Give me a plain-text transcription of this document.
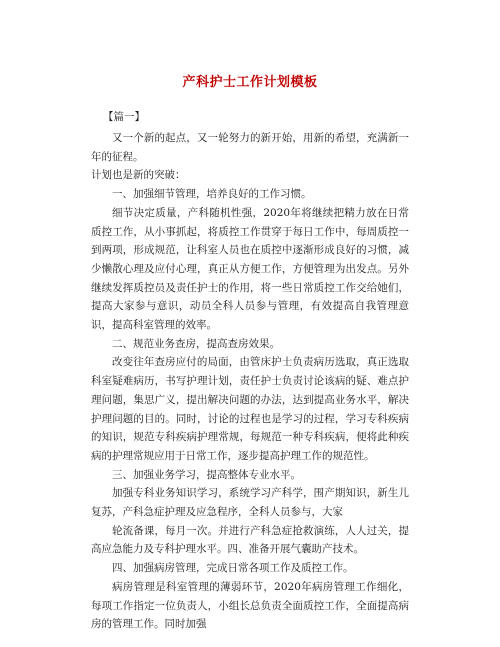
产科护士工作计划模板
【篇一】

又一个新的起点，又一轮努力的新开始，用新的希望，充满新一年的征程。

计划也是新的突破：

一、加强细节管理，培养良好的工作习惯。

细节决定质量，产科随机性强，2020年将继续把精力放在日常质控工作，从小事抓起，将质控工作贯穿于每日工作中，每周质控一到两项，形成规范，让科室人员也在质控中逐渐形成良好的习惯，减少懒散心理及应付心理，真正从方便工作，方便管理为出发点。另外继续发挥质控员及责任护士的作用，将一些日常质控工作交给她们，提高大家参与意识，动员全科人员参与管理，有效提高自我管理意识，提高科室管理的效率。

二、规范业务查房，提高查房效果。

改变往年查房应付的局面，由管床护士负责病历选取，真正选取科室疑难病历，书写护理计划，责任护士负责讨论该病的疑、难点护理问题，集思广义，提出解决问题的办法，达到提高业务水平，解决护理问题的目的。同时，讨论的过程也是学习的过程，学习专科疾病的知识，规范专科疾病护理常规，每规范一种专科疾病，便将此种疾病的护理常规应用于日常工作，逐步提高护理工作的规范性。

三、加强业务学习，提高整体专业水平。

加强专科业务知识学习，系统学习产科学，围产期知识，新生儿复苏，产科急症护理及应急程序，全科人员参与，大家

轮流备课，每月一次。并进行产科急症抢救演练，人人过关，提高应急能力及专科护理水平。四、准备开展气囊助产技术。

四、加强病房管理，完成日常各项工作及质控工作。

病房管理是科室管理的薄弱环节，2020年病房管理工作细化，每项工作指定一位负责人，小组长总负责全面质控工作，全面提高病房的管理工作。同时加强
